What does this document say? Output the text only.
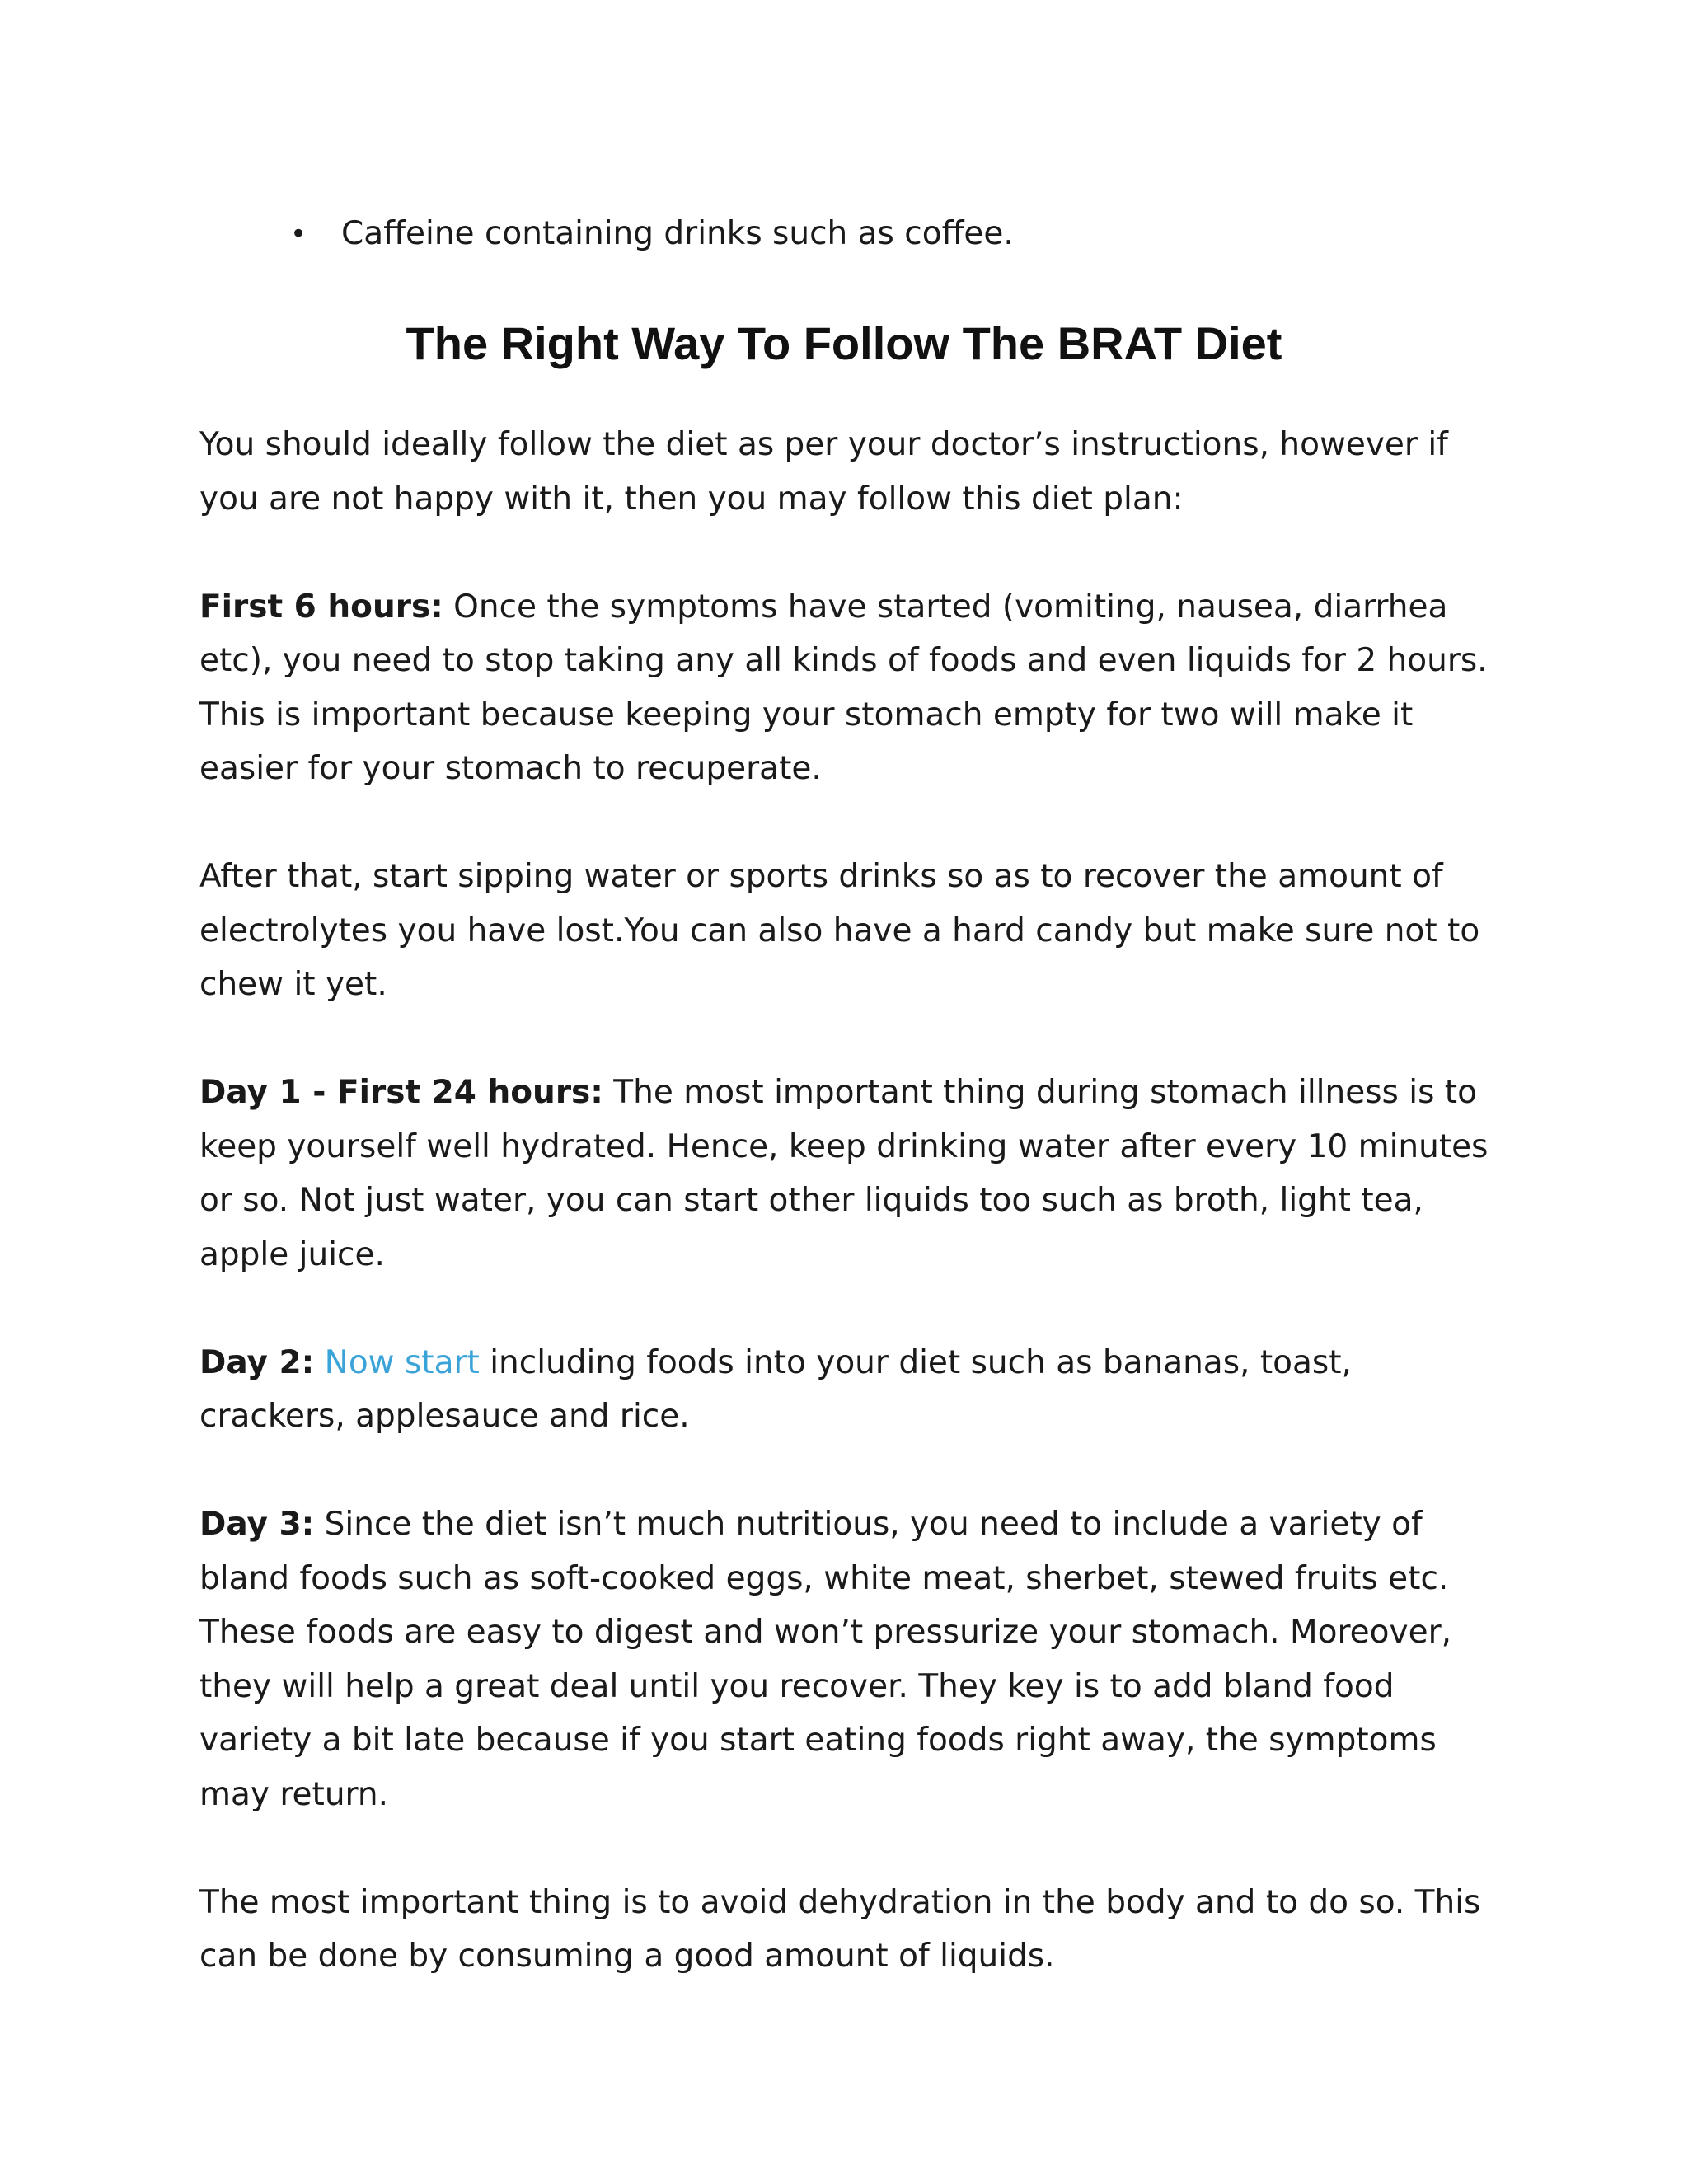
• Caffeine containing drinks such as coffee.
The Right Way To Follow The BRAT Diet

You should ideally follow the diet as per your doctor’s instructions, however if you are not happy with it, then you may follow this diet plan:

First 6 hours: Once the symptoms have started (vomiting, nausea, diarrhea etc), you need to stop taking any all kinds of foods and even liquids for 2 hours. This is important because keeping your stomach empty for two will make it easier for your stomach to recuperate.

After that, start sipping water or sports drinks so as to recover the amount of electrolytes you have lost.You can also have a hard candy but make sure not to chew it yet.

Day 1 - First 24 hours: The most important thing during stomach illness is to keep yourself well hydrated. Hence, keep drinking water after every 10 minutes or so. Not just water, you can start other liquids too such as broth, light tea, apple juice.

Day 2: Now start including foods into your diet such as bananas, toast, crackers, applesauce and rice.

Day 3: Since the diet isn’t much nutritious, you need to include a variety of bland foods such as soft-cooked eggs, white meat, sherbet, stewed fruits etc. These foods are easy to digest and won’t pressurize your stomach. Moreover, they will help a great deal until you recover. They key is to add bland food variety a bit late because if you start eating foods right away, the symptoms may return.

The most important thing is to avoid dehydration in the body and to do so. This can be done by consuming a good amount of liquids.
